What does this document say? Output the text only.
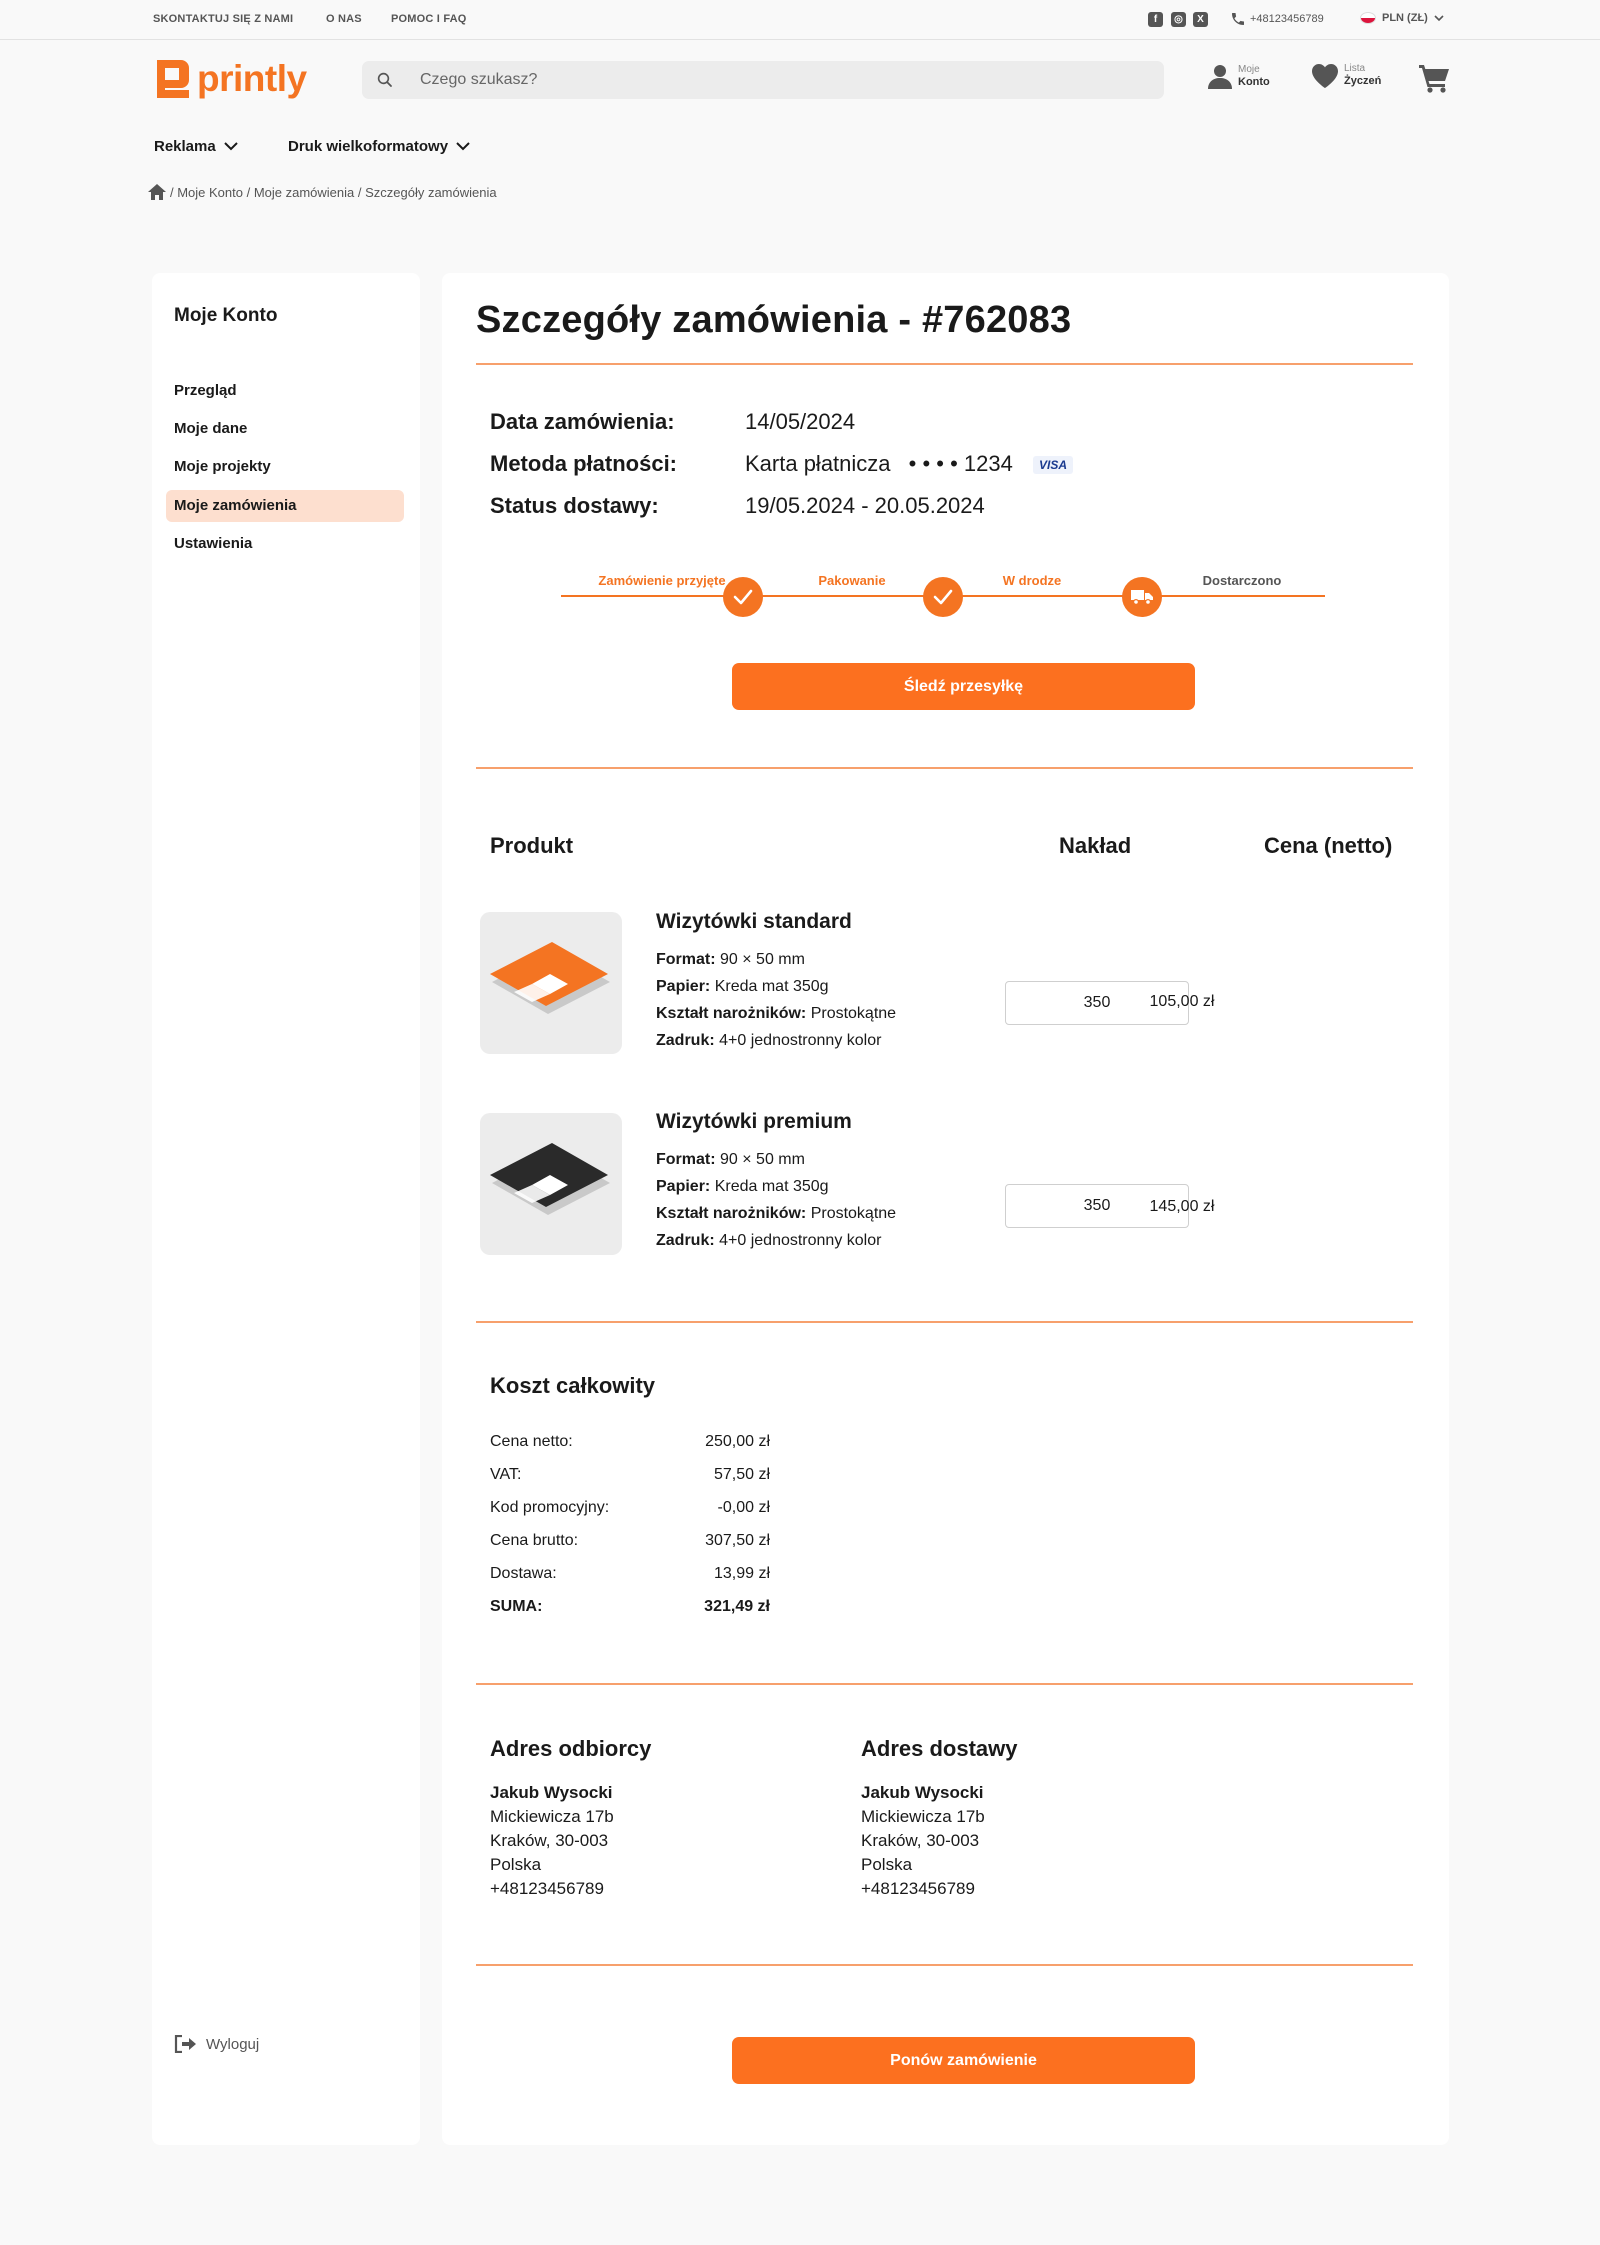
SKONTAKTUJ SIĘ Z NAMI	O NAS	POMOC I FAQ	f	◎	X	+48123456789	PLN (ZŁ)
printly
Czego szukasz?	Moje
Konto
Lista
Życzeń
Reklama	Druk wielkoformatowy
/ Moje Konto / Moje zamówienia / Szczegóły zamówienia
Moje Konto
Przegląd
Moje dane
Moje projekty
Moje zamówienia
Ustawienia
Wyloguj
Szczegóły zamówienia - #762083
Data zamówienia:	14/05/2024
Metoda płatności:	Karta płatnicza • • • • 1234 VISA
Status dostawy:	19/05.2024 - 20.05.2024
Zamówienie przyjęte	Pakowanie	W drodze	Dostarczono
Śledź przesyłkę
Produkt	Nakład	Cena (netto)
Wizytówki standard
Format: 90 × 50 mm
Papier: Kreda mat 350g
Kształt narożników: Prostokątne
Zadruk: 4+0 jednostronny kolor
350	105,00 zł
Wizytówki premium
Format: 90 × 50 mm
Papier: Kreda mat 350g
Kształt narożników: Prostokątne
Zadruk: 4+0 jednostronny kolor
350	145,00 zł
Koszt całkowity
Cena netto:	250,00 zł
VAT:	57,50 zł
Kod promocyjny:	-0,00 zł
Cena brutto:	307,50 zł
Dostawa:	13,99 zł
SUMA:	321,49 zł
Adres odbiorcy
Jakub Wysocki
Mickiewicza 17b
Kraków, 30-003
Polska
+48123456789
Adres dostawy
Jakub Wysocki
Mickiewicza 17b
Kraków, 30-003
Polska
+48123456789
Ponów zamówienie
